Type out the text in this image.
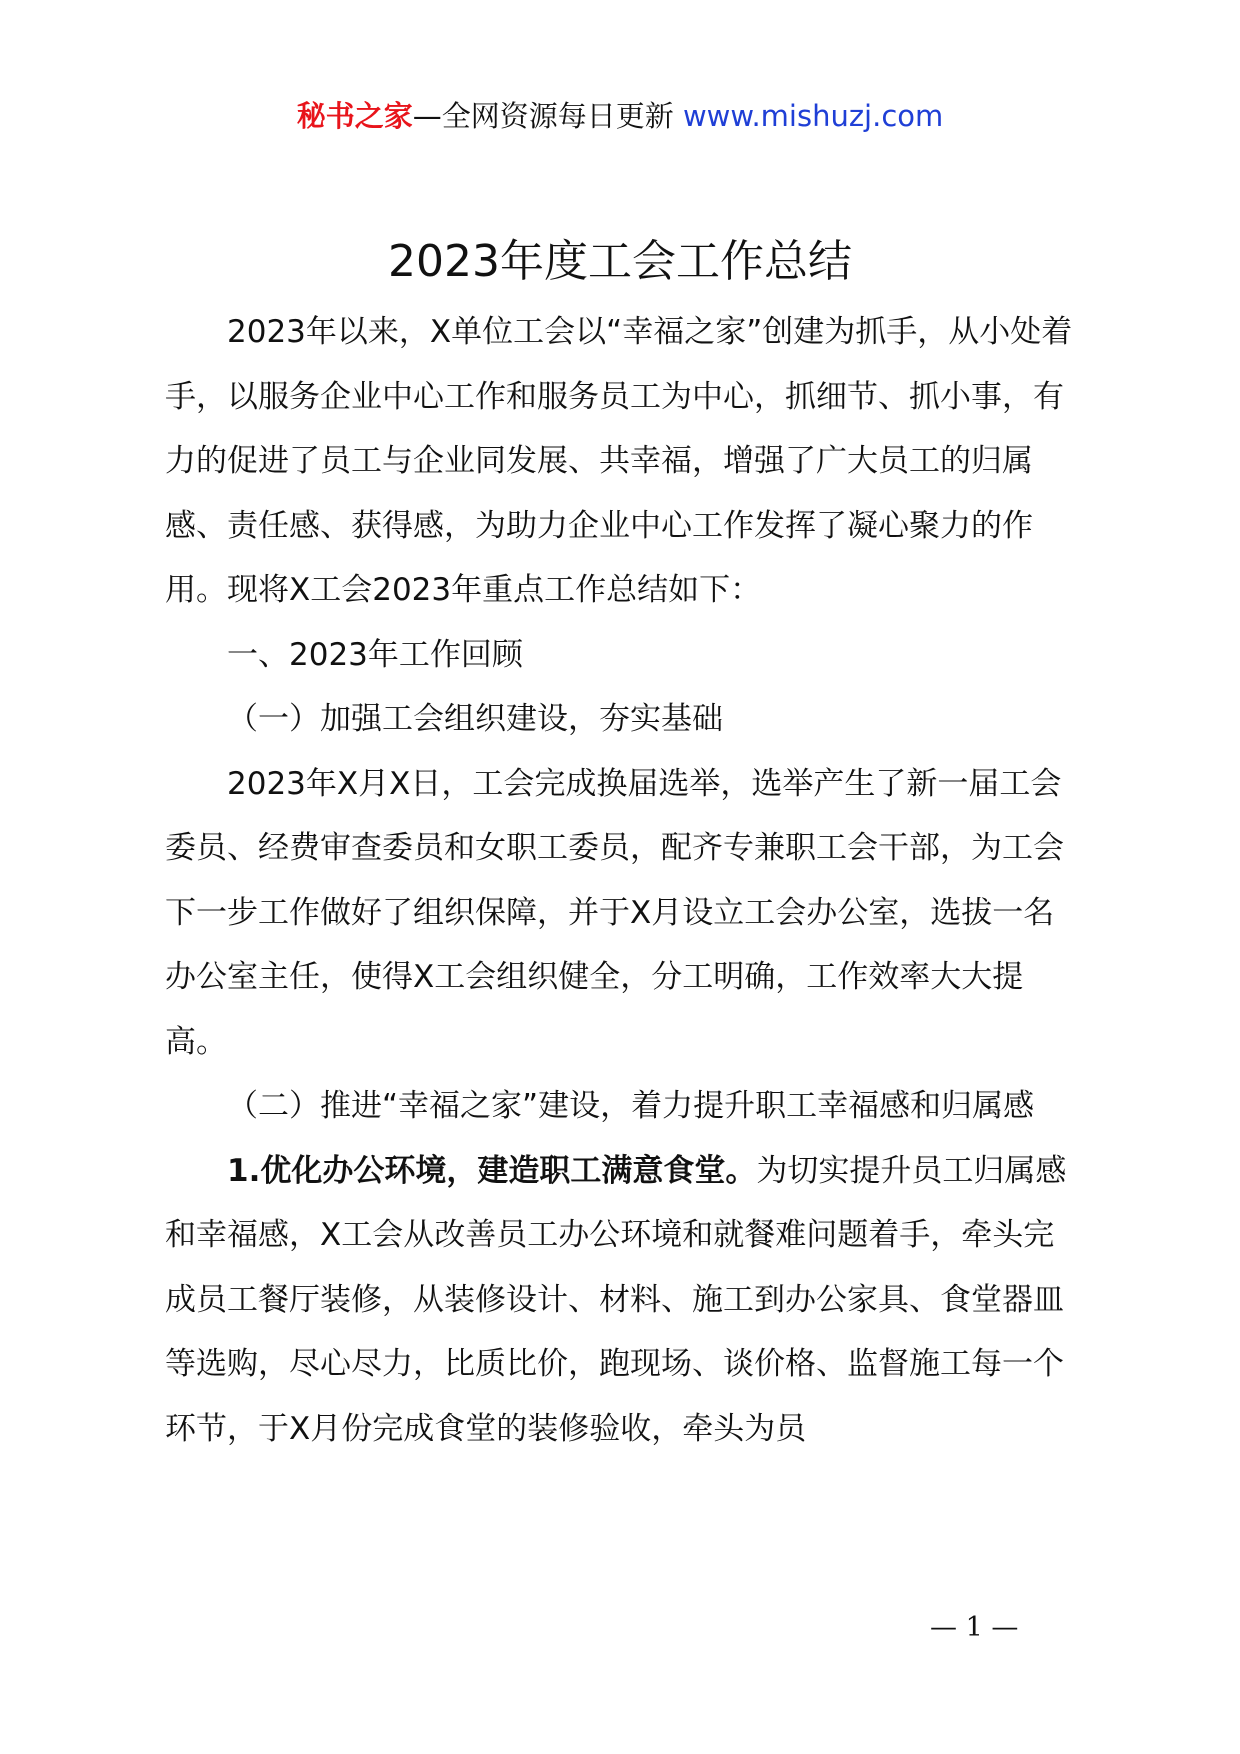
秘书之家—全网资源每日更新 www.mishuzj.com
2023年度工会工作总结

2023年以来，X单位工会以“幸福之家”创建为抓手，从小处着手，以服务企业中心工作和服务员工为中心，抓细节、抓小事，有力的促进了员工与企业同发展、共幸福，增强了广大员工的归属感、责任感、获得感，为助力企业中心工作发挥了凝心聚力的作用。现将X工会2023年重点工作总结如下：

一、2023年工作回顾

（一）加强工会组织建设，夯实基础

2023年X月X日，工会完成换届选举，选举产生了新一届工会委员、经费审查委员和女职工委员，配齐专兼职工会干部，为工会下一步工作做好了组织保障，并于X月设立工会办公室，选拔一名办公室主任，使得X工会组织健全，分工明确，工作效率大大提高。

（二）推进“幸福之家”建设，着力提升职工幸福感和归属感

1.优化办公环境，建造职工满意食堂。为切实提升员工归属感和幸福感，X工会从改善员工办公环境和就餐难问题着手，牵头完成员工餐厅装修，从装修设计、材料、施工到办公家具、食堂器皿等选购，尽心尽力，比质比价，跑现场、谈价格、监督施工每一个环节，于X月份完成食堂的装修验收，牵头为员

— 1 —
